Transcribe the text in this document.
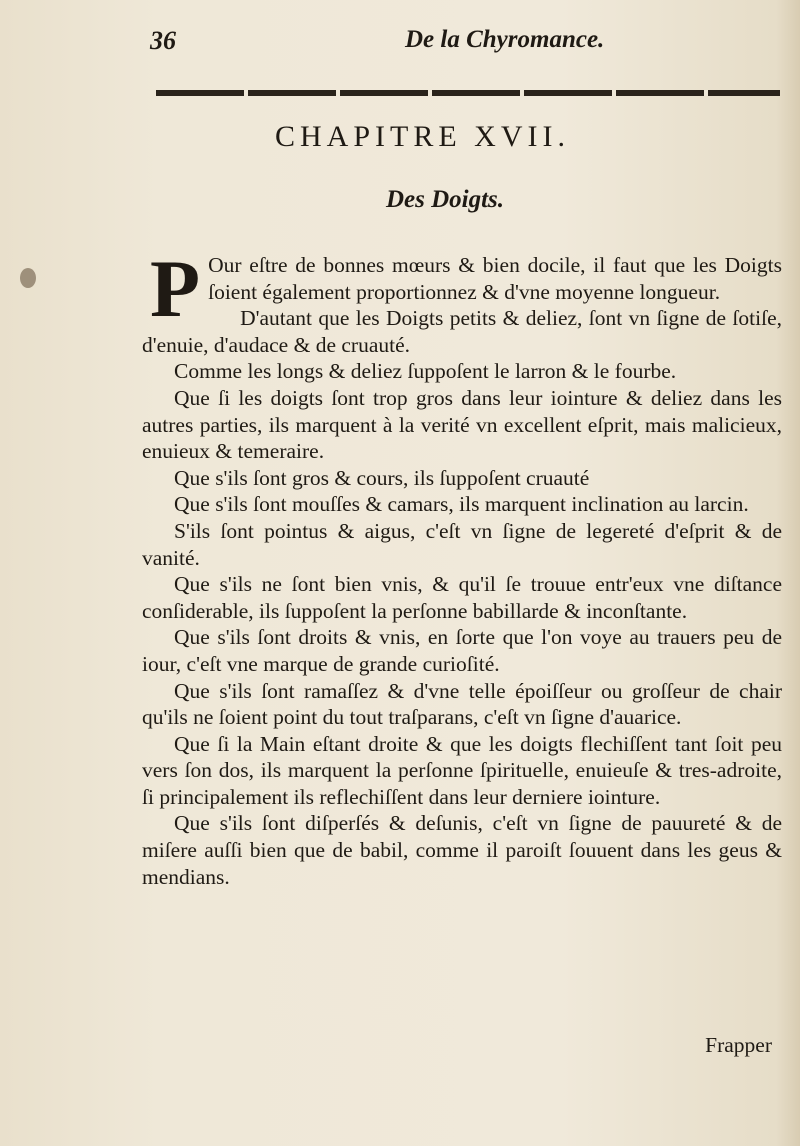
36	De la Chyromance.
CHAPITRE XVII.
Des Doigts.

P Our eſtre de bonnes mœurs & bien docile, il faut que les Doigts ſoient également proportionnez & d'vne moyenne longueur.

D'autant que les Doigts petits & deliez, ſont vn ſigne de ſotiſe, d'enuie, d'audace & de cruauté.

Comme les longs & deliez ſuppoſent le larron & le fourbe.

Que ſi les doigts ſont trop gros dans leur iointure & deliez dans les autres parties, ils marquent à la verité vn excellent eſprit, mais malicieux, enuieux & temeraire.

Que s'ils ſont gros & cours, ils ſuppoſent cruauté

Que s'ils ſont mouſſes & camars, ils marquent inclination au larcin.

S'ils ſont pointus & aigus, c'eſt vn ſigne de legereté d'eſprit & de vanité.

Que s'ils ne ſont bien vnis, & qu'il ſe trouue entr'eux vne diſtance conſiderable, ils ſuppoſent la perſonne babillarde & inconſtante.

Que s'ils ſont droits & vnis, en ſorte que l'on voye au trauers peu de iour, c'eſt vne marque de grande curioſité.

Que s'ils ſont ramaſſez & d'vne telle époiſſeur ou groſſeur de chair qu'ils ne ſoient point du tout traſparans, c'eſt vn ſigne d'auarice.

Que ſi la Main eſtant droite & que les doigts flechiſſent tant ſoit peu vers ſon dos, ils marquent la perſonne ſpirituelle, enuieuſe & tres-adroite, ſi principalement ils reflechiſſent dans leur derniere iointure.

Que s'ils ſont diſperſés & deſunis, c'eſt vn ſigne de pauureté & de miſere auſſi bien que de babil, comme il paroiſt ſouuent dans les geus & mendians.

Frapper
